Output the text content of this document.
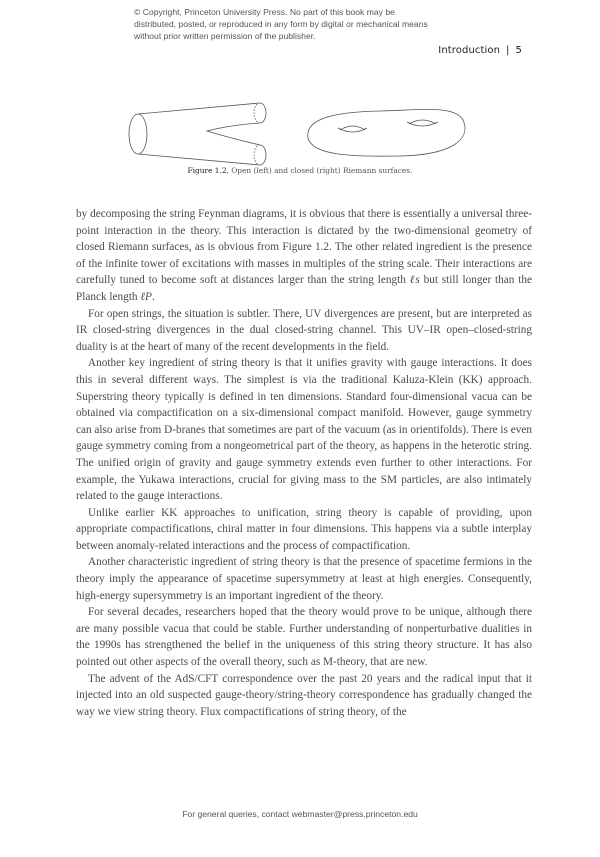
© Copyright, Princeton University Press. No part of this book may be distributed, posted, or reproduced in any form by digital or mechanical means without prior written permission of the publisher.
Introduction | 5
Figure 1.2. Open (left) and closed (right) Riemann surfaces.

by decomposing the string Feynman diagrams, it is obvious that there is essentially a universal three-point interaction in the theory. This interaction is dictated by the two-dimensional geometry of closed Riemann surfaces, as is obvious from Figure 1.2. The other related ingredient is the presence of the infinite tower of excitations with masses in multiples of the string scale. Their interactions are carefully tuned to become soft at distances larger than the string length ℓs but still longer than the Planck length ℓP.

For open strings, the situation is subtler. There, UV divergences are present, but are interpreted as IR closed-string divergences in the dual closed-string channel. This UV–IR open–closed-string duality is at the heart of many of the recent developments in the field.

Another key ingredient of string theory is that it unifies gravity with gauge interactions. It does this in several different ways. The simplest is via the traditional Kaluza-Klein (KK) approach. Superstring theory typically is defined in ten dimensions. Standard four-dimensional vacua can be obtained via compactification on a six-dimensional compact manifold. However, gauge symmetry can also arise from D-branes that sometimes are part of the vacuum (as in orientifolds). There is even gauge symmetry coming from a nongeometrical part of the theory, as happens in the heterotic string. The unified origin of gravity and gauge symmetry extends even further to other interactions. For example, the Yukawa interactions, crucial for giving mass to the SM particles, are also intimately related to the gauge interactions.

Unlike earlier KK approaches to unification, string theory is capable of providing, upon appropriate compactifications, chiral matter in four dimensions. This happens via a subtle interplay between anomaly-related interactions and the process of compactification.

Another characteristic ingredient of string theory is that the presence of spacetime fermions in the theory imply the appearance of spacetime supersymmetry at least at high energies. Consequently, high-energy supersymmetry is an important ingredient of the theory.

For several decades, researchers hoped that the theory would prove to be unique, although there are many possible vacua that could be stable. Further understanding of nonperturbative dualities in the 1990s has strengthened the belief in the uniqueness of this string theory structure. It has also pointed out other aspects of the overall theory, such as M-theory, that are new.

The advent of the AdS/CFT correspondence over the past 20 years and the radical input that it injected into an old suspected gauge-theory/string-theory correspondence has gradually changed the way we view string theory. Flux compactifications of string theory, of the

For general queries, contact webmaster@press.princeton.edu
